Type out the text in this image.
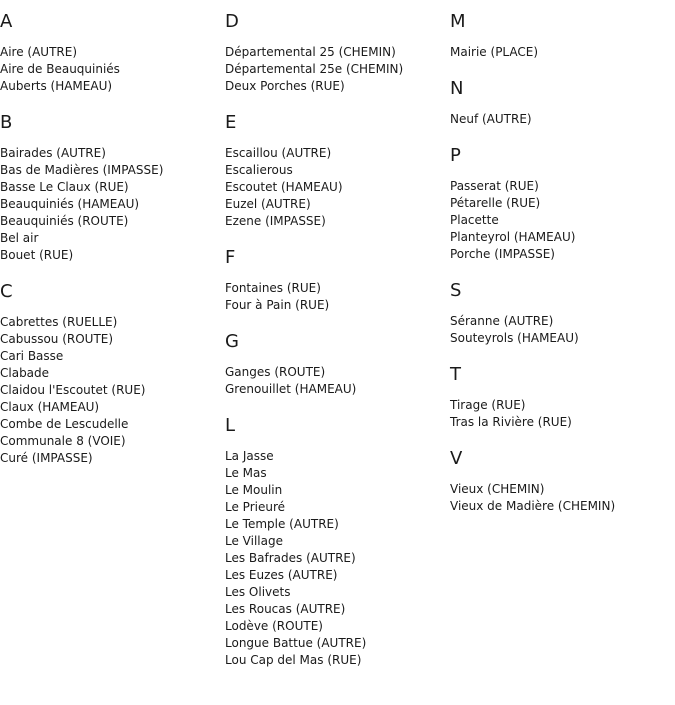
A
Aire (AUTRE)
Aire de Beauquiniés
Auberts (HAMEAU)
B
Bairades (AUTRE)
Bas de Madières (IMPASSE)
Basse Le Claux (RUE)
Beauquiniés (HAMEAU)
Beauquiniés (ROUTE)
Bel air
Bouet (RUE)
C
Cabrettes (RUELLE)
Cabussou (ROUTE)
Cari Basse
Clabade
Claidou l'Escoutet (RUE)
Claux (HAMEAU)
Combe de Lescudelle
Communale 8 (VOIE)
Curé (IMPASSE)
D
Départemental 25 (CHEMIN)
Départemental 25e (CHEMIN)
Deux Porches (RUE)
E
Escaillou (AUTRE)
Escalierous
Escoutet (HAMEAU)
Euzel (AUTRE)
Ezene (IMPASSE)
F
Fontaines (RUE)
Four à Pain (RUE)
G
Ganges (ROUTE)
Grenouillet (HAMEAU)
L
La Jasse
Le Mas
Le Moulin
Le Prieuré
Le Temple (AUTRE)
Le Village
Les Bafrades (AUTRE)
Les Euzes (AUTRE)
Les Olivets
Les Roucas (AUTRE)
Lodève (ROUTE)
Longue Battue (AUTRE)
Lou Cap del Mas (RUE)
M
Mairie (PLACE)
N
Neuf (AUTRE)
P
Passerat (RUE)
Pétarelle (RUE)
Placette
Planteyrol (HAMEAU)
Porche (IMPASSE)
S
Séranne (AUTRE)
Souteyrols (HAMEAU)
T
Tirage (RUE)
Tras la Rivière (RUE)
V
Vieux (CHEMIN)
Vieux de Madière (CHEMIN)
